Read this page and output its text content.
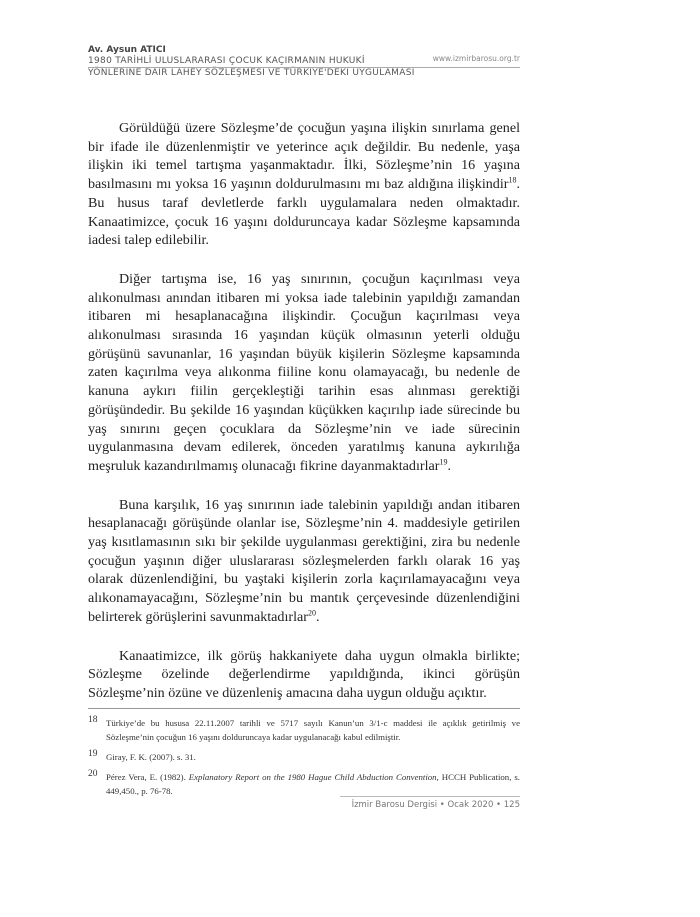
Av. Aysun ATICI
1980 TARİHLİ ULUSLARARASI ÇOCUK KAÇIRMANIN HUKUKİ
YÖNLERİNE DAİR LAHEY SÖZLEŞMESİ VE TÜRKİYE'DEKİ UYGULAMASI
www.izmirbarosu.org.tr

Görüldüğü üzere Sözleşme’de çocuğun yaşına ilişkin sınırlama genel bir ifade ile düzenlenmiştir ve yeterince açık değildir. Bu nedenle, yaşa ilişkin iki temel tartışma yaşanmaktadır. İlki, Sözleşme’nin 16 yaşına basılmasını mı yoksa 16 yaşının doldurulmasını mı baz aldığına ilişkindir$^{18}$. Bu husus taraf devletlerde farklı uygulamalara neden olmaktadır. Kanaatimizce, çocuk 16 yaşını dolduruncaya kadar Sözleşme kapsamında iadesi talep edilebilir.

Diğer tartışma ise, 16 yaş sınırının, çocuğun kaçırılması veya alıkonulması anından itibaren mi yoksa iade talebinin yapıldığı zamandan itibaren mi hesaplanacağına ilişkindir. Çocuğun kaçırılması veya alıkonulması sırasında 16 yaşından küçük olmasının yeterli olduğu görüşünü savunanlar, 16 yaşından büyük kişilerin Sözleşme kapsamında zaten kaçırılma veya alıkonma fiiline konu olamayacağı, bu nedenle de kanuna aykırı fiilin gerçekleştiği tarihin esas alınması gerektiği görüşündedir. Bu şekilde 16 yaşından küçükken kaçırılıp iade sürecinde bu yaş sınırını geçen çocuklara da Sözleşme’nin ve iade sürecinin uygulanmasına devam edilerek, önceden yaratılmış kanuna aykırılığa meşruluk kazandırılmamış olunacağı fikrine dayanmaktadırlar$^{19}$.

Buna karşılık, 16 yaş sınırının iade talebinin yapıldığı andan itibaren hesaplanacağı görüşünde olanlar ise, Sözleşme’nin 4. maddesiyle getirilen yaş kısıtlamasının sıkı bir şekilde uygulanması gerektiğini, zira bu nedenle çocuğun yaşının diğer uluslararası sözleşmelerden farklı olarak 16 yaş olarak düzenlendiğini, bu yaştaki kişilerin zorla kaçırılamayacağını veya alıkonamayacağını, Sözleşme’nin bu mantık çerçevesinde düzenlendiğini belirterek görüşlerini savunmaktadırlar$^{20}$.

Kanaatimizce, ilk görüş hakkaniyete daha uygun olmakla birlikte; Sözleşme özelinde değerlendirme yapıldığında, ikinci görüşün Sözleşme’nin özüne ve düzenleniş amacına daha uygun olduğu açıktır.

18 Türkiye’de bu hususa 22.11.2007 tarihli ve 5717 sayılı Kanun’un 3/1-c maddesi ile açıklık getirilmiş ve Sözleşme’nin çocuğun 16 yaşını dolduruncaya kadar uygulanacağı kabul edilmiştir.
19 Giray, F. K. (2007). s. 31.
20 Pérez Vera, E. (1982). Explanatory Report on the 1980 Hague Child Abduction Convention, HCCH Publication, s. 449,450., p. 76-78.
İzmir Barosu Dergisi • Ocak 2020 • 125
